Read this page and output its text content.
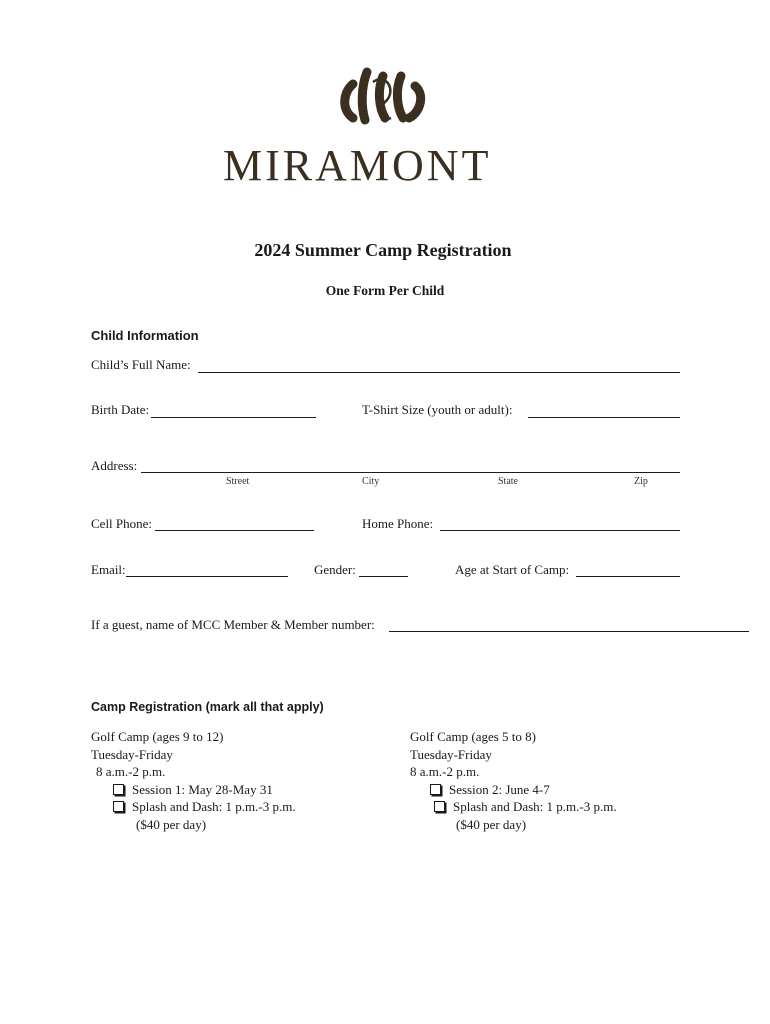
MIRAMONT
2024 Summer Camp Registration
One Form Per Child
Child Information
Child’s Full Name:
Birth Date:	T-Shirt Size (youth or adult):
Address:
Street	City	State	Zip
Cell Phone:	Home Phone:
Email:	Gender:	Age at Start of Camp:
If a guest, name of MCC Member & Member number:
Camp Registration (mark all that apply)
Golf Camp (ages 9 to 12)
Tuesday-Friday
8 a.m.-2 p.m.
Session 1: May 28-May 31
Splash and Dash: 1 p.m.-3 p.m.
($40 per day)
Golf Camp (ages 5 to 8)
Tuesday-Friday
8 a.m.-2 p.m.
Session 2: June 4-7
Splash and Dash: 1 p.m.-3 p.m.
($40 per day)
